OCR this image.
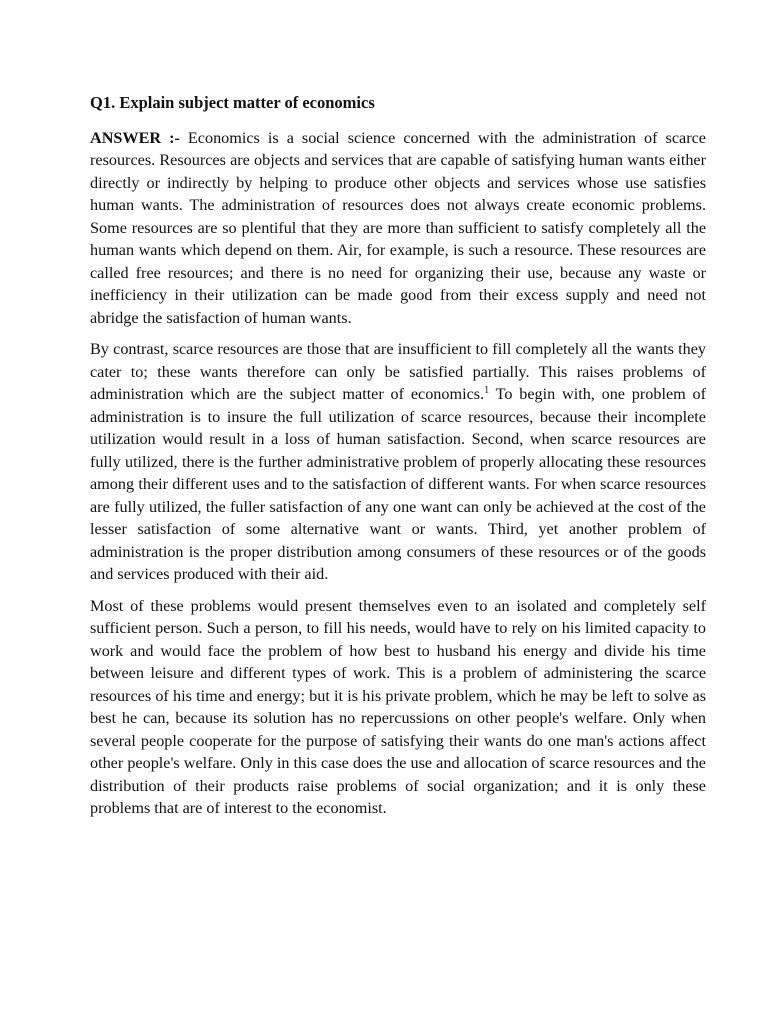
Q1. Explain subject matter of economics

ANSWER :- Economics is a social science concerned with the administration of scarce resources. Resources are objects and services that are capable of satisfying human wants either directly or indirectly by helping to produce other objects and services whose use satisfies human wants. The administration of resources does not always create economic problems. Some resources are so plentiful that they are more than sufficient to satisfy completely all the human wants which depend on them. Air, for example, is such a resource. These resources are called free resources; and there is no need for organizing their use, because any waste or inefficiency in their utilization can be made good from their excess supply and need not abridge the satisfaction of human wants.

By contrast, scarce resources are those that are insufficient to fill completely all the wants they cater to; these wants therefore can only be satisfied partially. This raises problems of administration which are the subject matter of economics.$^1$ To begin with, one problem of administration is to insure the full utilization of scarce resources, because their incomplete utilization would result in a loss of human satisfaction. Second, when scarce resources are fully utilized, there is the further administrative problem of properly allocating these resources among their different uses and to the satisfaction of different wants. For when scarce resources are fully utilized, the fuller satisfaction of any one want can only be achieved at the cost of the lesser satisfaction of some alternative want or wants. Third, yet another problem of administration is the proper distribution among consumers of these resources or of the goods and services produced with their aid.

Most of these problems would present themselves even to an isolated and completely self sufficient person. Such a person, to fill his needs, would have to rely on his limited capacity to work and would face the problem of how best to husband his energy and divide his time between leisure and different types of work. This is a problem of administering the scarce resources of his time and energy; but it is his private problem, which he may be left to solve as best he can, because its solution has no repercussions on other people's welfare. Only when several people cooperate for the purpose of satisfying their wants do one man's actions affect other people's welfare. Only in this case does the use and allocation of scarce resources and the distribution of their products raise problems of social organization; and it is only these problems that are of interest to the economist.
